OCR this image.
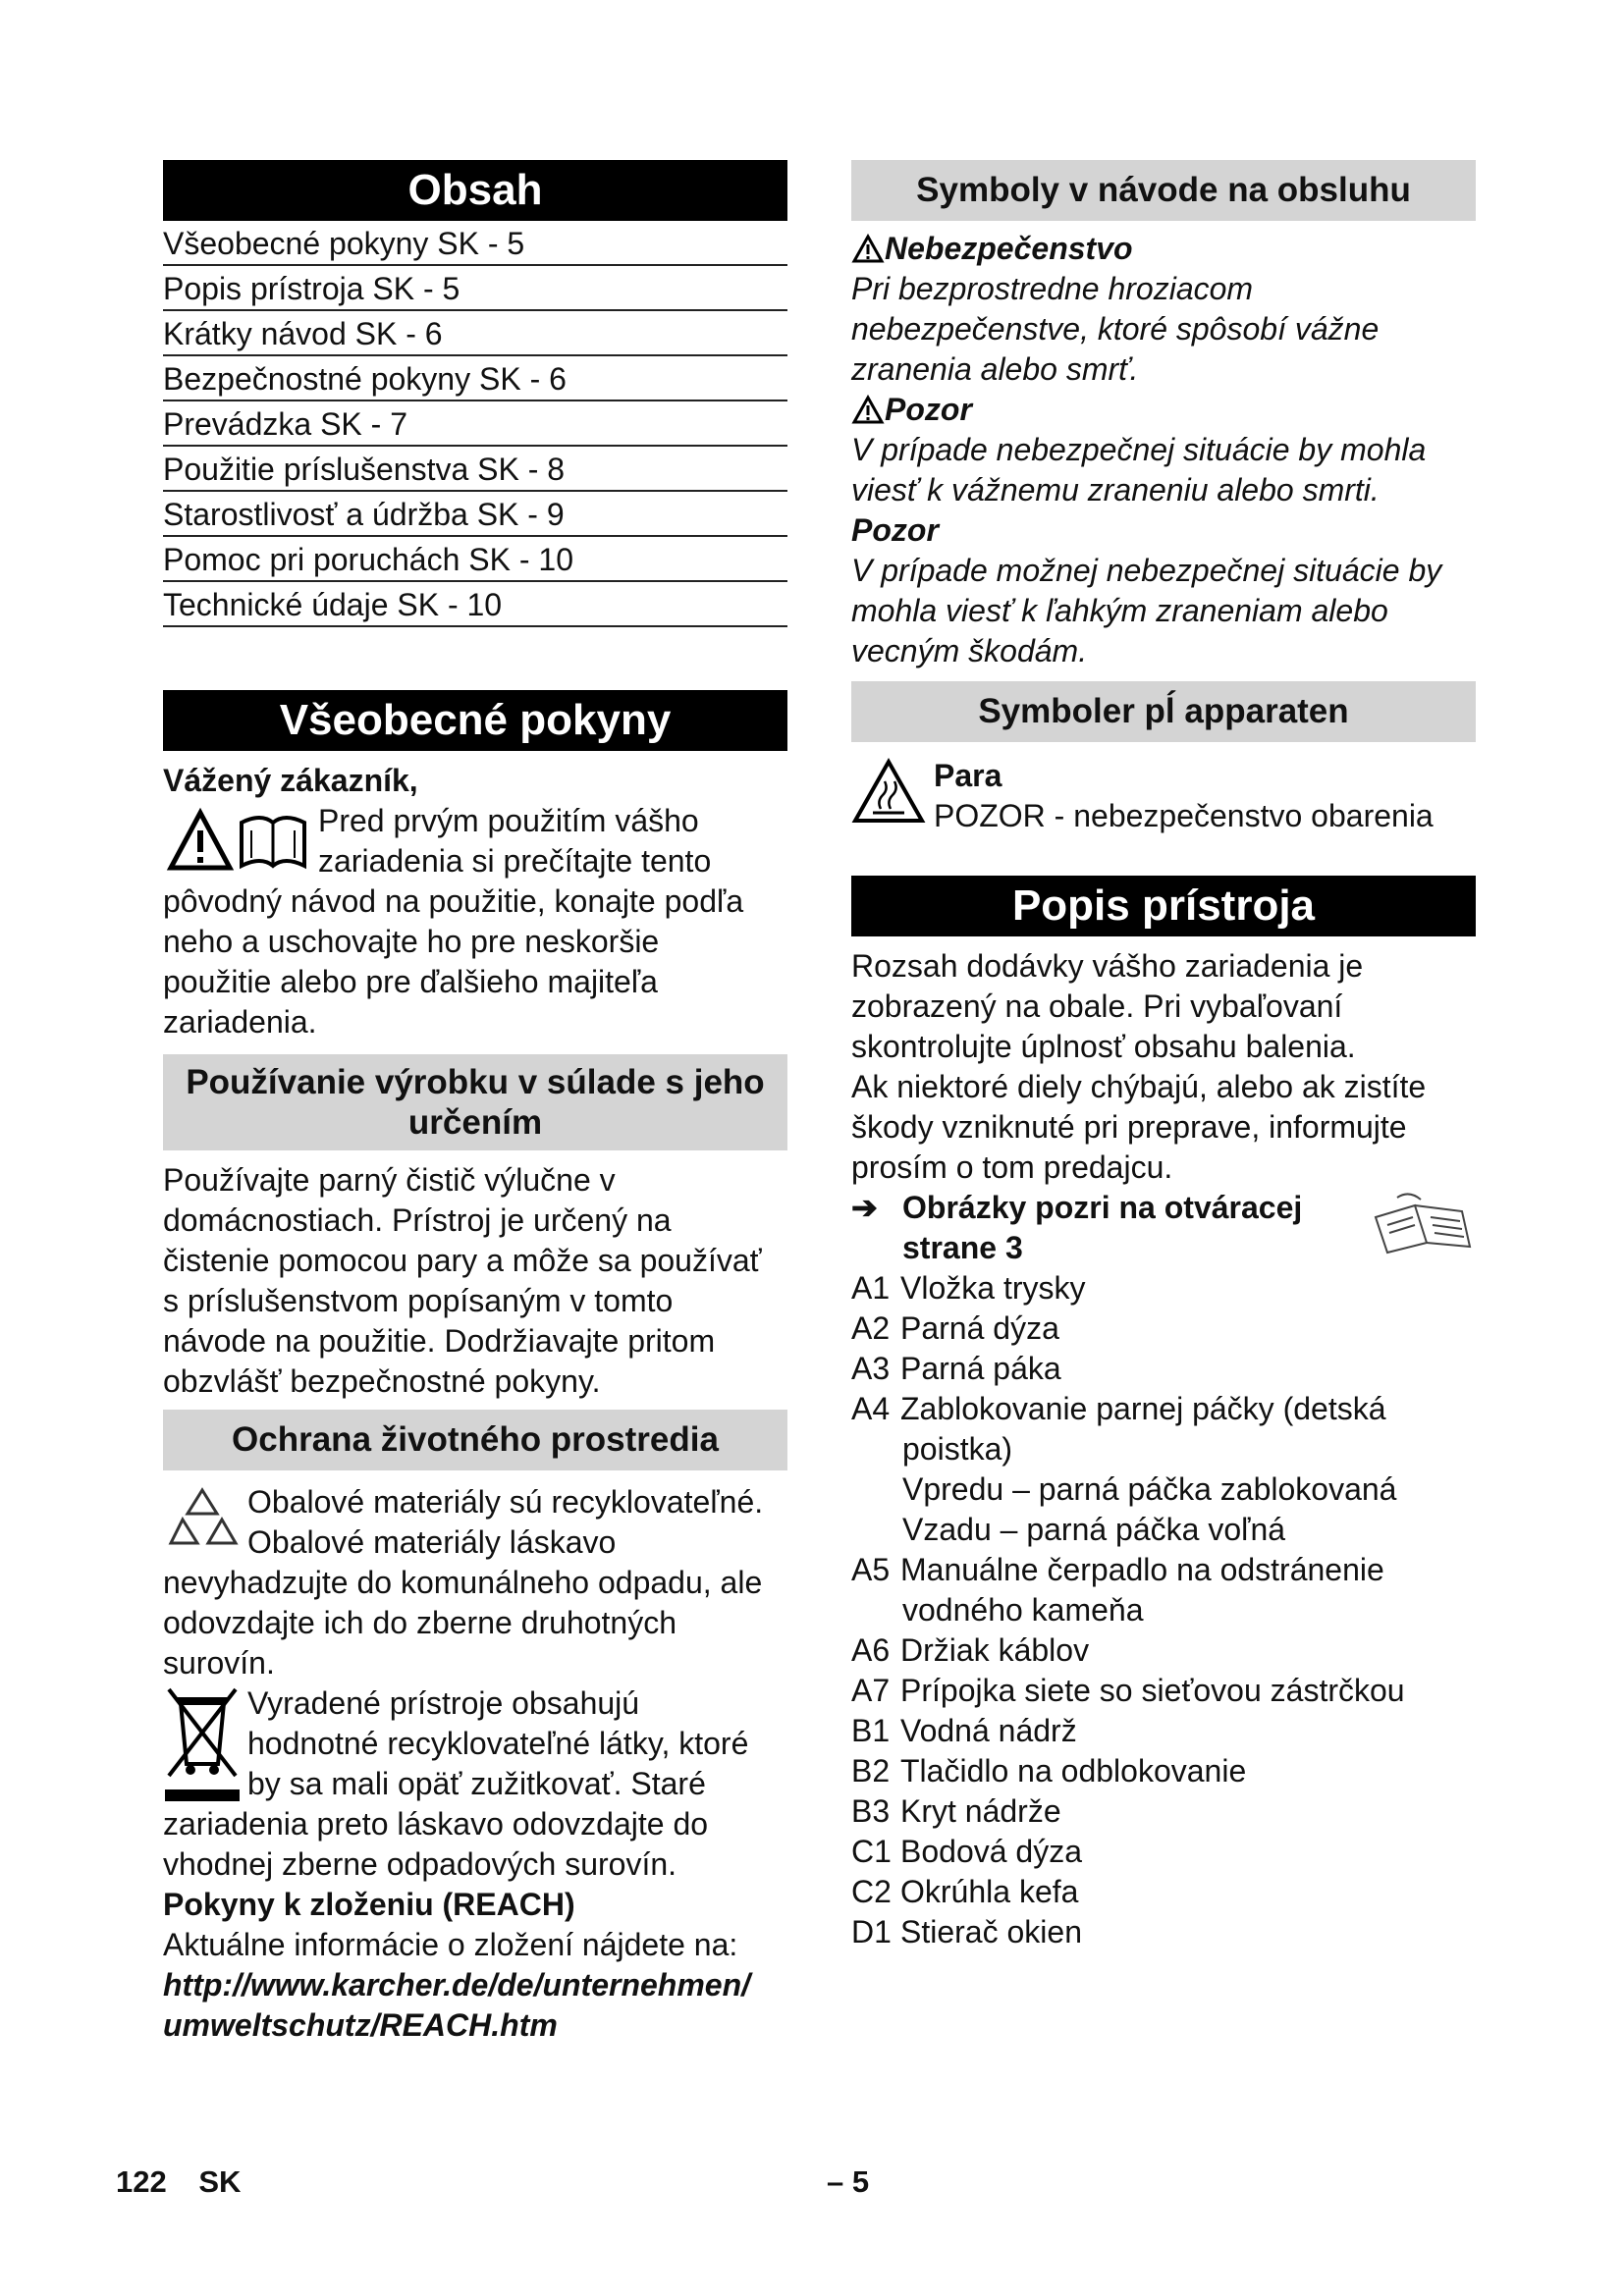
Obsah
Všeobecné pokyny SK - 5
Popis prístroja SK - 5
Krátky návod SK - 6
Bezpečnostné pokyny SK - 6
Prevádzka SK - 7
Použitie príslušenstva SK - 8
Starostlivosť a údržba SK - 9
Pomoc pri poruchách SK - 10
Technické údaje SK - 10
Všeobecné pokyny

Vážený zákazník,

Pred prvým použitím vášho

zariadenia si prečítajte tento

pôvodný návod na použitie, konajte podľa

neho a uschovajte ho pre neskoršie

použitie alebo pre ďalšieho majiteľa

zariadenia.

Používanie výrobku v súlade s jeho
určením

Používajte parný čistič výlučne v

domácnostiach. Prístroj je určený na

čistenie pomocou pary a môže sa používať

s príslušenstvom popísaným v tomto

návode na použitie. Dodržiavajte pritom

obzvlášť bezpečnostné pokyny.

Ochrana životného prostredia

Obalové materiály sú recyklovateľné.

Obalové materiály láskavo

nevyhadzujte do komunálneho odpadu, ale

odovzdajte ich do zberne druhotných

surovín.

Vyradené prístroje obsahujú

hodnotné recyklovateľné látky, ktoré

by sa mali opäť zužitkovať. Staré

zariadenia preto láskavo odovzdajte do

vhodnej zberne odpadových surovín.

Pokyny k zloženiu (REACH)

Aktuálne informácie o zložení nájdete na:

http://www.karcher.de/de/unternehmen/

umweltschutz/REACH.htm

Symboly v návode na obsluhu

Nebezpečenstvo

Pri bezprostredne hroziacom

nebezpečenstve, ktoré spôsobí vážne

zranenia alebo smrť.

Pozor

V prípade nebezpečnej situácie by mohla

viesť k vážnemu zraneniu alebo smrti.

Pozor

V prípade možnej nebezpečnej situácie by

mohla viesť k ľahkým zraneniam alebo

vecným škodám.

Symboler pĺ apparaten

Para

POZOR - nebezpečenstvo obarenia

Popis prístroja

Rozsah dodávky vášho zariadenia je

zobrazený na obale. Pri vybaľovaní

skontrolujte úplnosť obsahu balenia.

Ak niektoré diely chýbajú, alebo ak zistíte

škody vzniknuté pri preprave, informujte

prosím o tom predajcu.

➔ Obrázky pozri na otváracej

strane 3

A1 Vložka trysky
A2 Parná dýza
A3 Parná páka
A4 Zablokovanie parnej páčky (detská
poistka)
Vpredu – parná páčka zablokovaná
Vzadu – parná páčka voľná
A5 Manuálne čerpadlo na odstránenie
vodného kameňa
A6 Držiak káblov
A7 Prípojka siete so sieťovou zástrčkou
B1 Vodná nádrž
B2 Tlačidlo na odblokovanie
B3 Kryt nádrže
C1 Bodová dýza
C2 Okrúhla kefa
D1 Stierač okien
122 SK	– 5
